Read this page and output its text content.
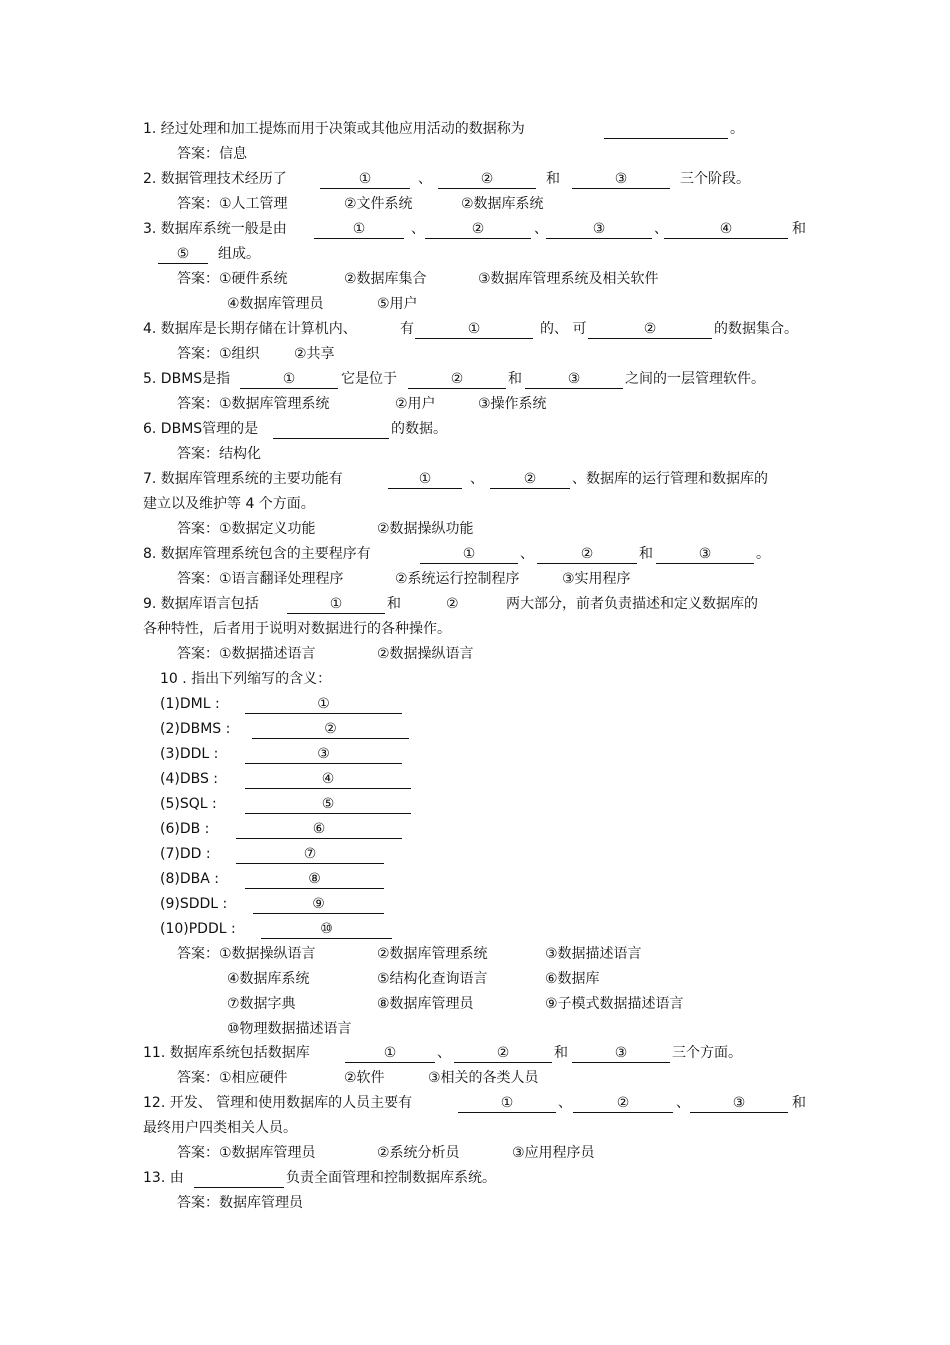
1. 经过处理和加工提炼而用于决策或其他应用活动的数据称为	。
答案：信息
2. 数据管理技术经历了	①	、	②	和	③	三个阶段。
答案：①人工管理	②文件系统	②数据库系统
3. 数据库系统一般是由	①	、	②	、	③	、	④	和
⑤	组成。
答案：①硬件系统	②数据库集合	③数据库管理系统及相关软件
④数据库管理员	⑤用户
4. 数据库是长期存储在计算机内、	有	①	的、 可	②	的数据集合。
答案：①组织 ②共享
5. DBMS是指	①	它是位于	②	和	③	之间的一层管理软件。
答案：①数据库管理系统	②用户	③操作系统
6. DBMS管理的是	的数据。
答案：结构化
7. 数据库管理系统的主要功能有	①	、	②	、数据库的运行管理和数据库的
建立以及维护等 4 个方面。
答案：①数据定义功能	②数据操纵功能
8. 数据库管理系统包含的主要程序有	①	、	②	和	③	。
答案：①语言翻译处理程序	②系统运行控制程序	③实用程序
9. 数据库语言包括	①	和	②	两大部分，前者负责描述和定义数据库的
各种特性，后者用于说明对数据进行的各种操作。
答案：①数据描述语言	②数据操纵语言
10 . 指出下列缩写的含义：
(1)DML :	①
(2)DBMS :	②
(3)DDL :	③
(4)DBS :	④
(5)SQL :	⑤
(6)DB :	⑥
(7)DD :	⑦
(8)DBA :	⑧
(9)SDDL :	⑨
(10)PDDL :	⑩
答案：①数据操纵语言	②数据库管理系统	③数据描述语言
④数据库系统	⑤结构化查询语言	⑥数据库
⑦数据字典	⑧数据库管理员	⑨子模式数据描述语言
⑩物理数据描述语言
11. 数据库系统包括数据库	①	、	②	和	③	三个方面。
答案：①相应硬件	②软件	③相关的各类人员
12. 开发、 管理和使用数据库的人员主要有	①	、	②	、	③	和
最终用户四类相关人员。
答案：①数据库管理员	②系统分析员	③应用程序员
13. 由	负责全面管理和控制数据库系统。
答案：数据库管理员
